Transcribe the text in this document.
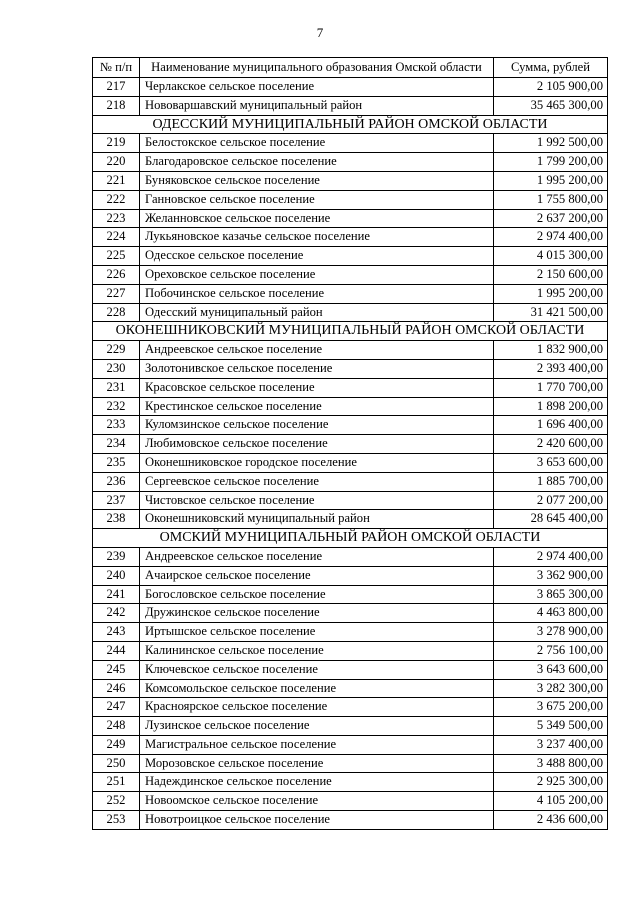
7
№ п/п	Наименование муниципального образования Омской области	Сумма, рублей
217	Черлакское сельское поселение	2 105 900,00
218	Нововаршавский муниципальный район	35 465 300,00
ОДЕССКИЙ МУНИЦИПАЛЬНЫЙ РАЙОН ОМСКОЙ ОБЛАСТИ		
219	Белостокское сельское поселение	1 992 500,00
220	Благодаровское сельское поселение	1 799 200,00
221	Буняковское сельское поселение	1 995 200,00
222	Ганновское сельское поселение	1 755 800,00
223	Желанновское сельское поселение	2 637 200,00
224	Лукьяновское казачье сельское поселение	2 974 400,00
225	Одесское сельское поселение	4 015 300,00
226	Ореховское сельское поселение	2 150 600,00
227	Побочинское сельское поселение	1 995 200,00
228	Одесский муниципальный район	31 421 500,00
ОКОНЕШНИКОВСКИЙ МУНИЦИПАЛЬНЫЙ РАЙОН ОМСКОЙ ОБЛАСТИ		
229	Андреевское сельское поселение	1 832 900,00
230	Золотонивское сельское поселение	2 393 400,00
231	Красовское сельское поселение	1 770 700,00
232	Крестинское сельское поселение	1 898 200,00
233	Куломзинское сельское поселение	1 696 400,00
234	Любимовское сельское поселение	2 420 600,00
235	Оконешниковское городское поселение	3 653 600,00
236	Сергеевское сельское поселение	1 885 700,00
237	Чистовское сельское поселение	2 077 200,00
238	Оконешниковский муниципальный район	28 645 400,00
ОМСКИЙ МУНИЦИПАЛЬНЫЙ РАЙОН ОМСКОЙ ОБЛАСТИ		
239	Андреевское сельское поселение	2 974 400,00
240	Ачаирское сельское поселение	3 362 900,00
241	Богословское сельское поселение	3 865 300,00
242	Дружинское сельское поселение	4 463 800,00
243	Иртышское сельское поселение	3 278 900,00
244	Калининское сельское поселение	2 756 100,00
245	Ключевское сельское поселение	3 643 600,00
246	Комсомольское сельское поселение	3 282 300,00
247	Красноярское сельское поселение	3 675 200,00
248	Лузинское сельское поселение	5 349 500,00
249	Магистральное сельское поселение	3 237 400,00
250	Морозовское сельское поселение	3 488 800,00
251	Надеждинское сельское поселение	2 925 300,00
252	Новоомское сельское поселение	4 105 200,00
253	Новотроицкое сельское поселение	2 436 600,00
